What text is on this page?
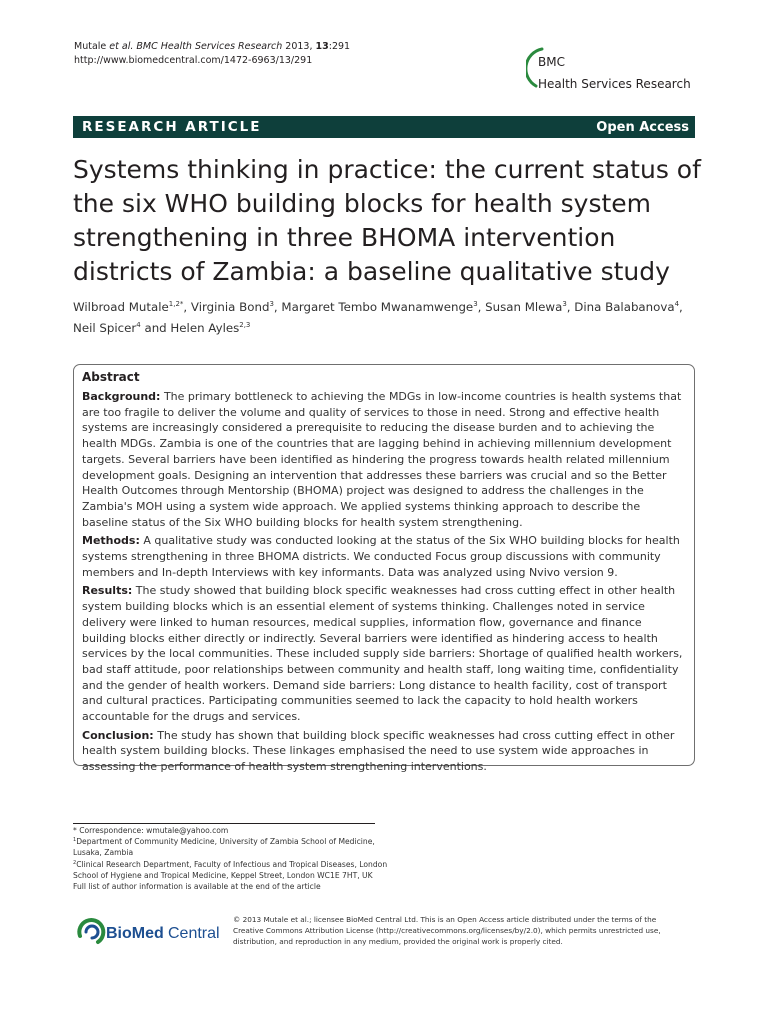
Mutale et al. BMC Health Services Research 2013, 13:291
http://www.biomedcentral.com/1472-6963/13/291	BMC
Health Services Research
RESEARCH ARTICLE	Open Access
Systems thinking in practice: the current status of the six WHO building blocks for health system strengthening in three BHOMA intervention districts of Zambia: a baseline qualitative study
Wilbroad Mutale$^{1,2*}$, Virginia Bond$^3$, Margaret Tembo Mwanamwenge$^3$, Susan Mlewa$^3$, Dina Balabanova$^4$,
Neil Spicer$^4$ and Helen Ayles$^{2,3}$
Abstract

Background: The primary bottleneck to achieving the MDGs in low-income countries is health systems that are too fragile to deliver the volume and quality of services to those in need. Strong and effective health systems are increasingly considered a prerequisite to reducing the disease burden and to achieving the health MDGs. Zambia is one of the countries that are lagging behind in achieving millennium development targets. Several barriers have been identified as hindering the progress towards health related millennium development goals. Designing an intervention that addresses these barriers was crucial and so the Better Health Outcomes through Mentorship (BHOMA) project was designed to address the challenges in the Zambia's MOH using a system wide approach. We applied systems thinking approach to describe the baseline status of the Six WHO building blocks for health system strengthening.

Methods: A qualitative study was conducted looking at the status of the Six WHO building blocks for health systems strengthening in three BHOMA districts. We conducted Focus group discussions with community members and In-depth Interviews with key informants. Data was analyzed using Nvivo version 9.

Results: The study showed that building block specific weaknesses had cross cutting effect in other health system building blocks which is an essential element of systems thinking. Challenges noted in service delivery were linked to human resources, medical supplies, information flow, governance and finance building blocks either directly or indirectly. Several barriers were identified as hindering access to health services by the local communities. These included supply side barriers: Shortage of qualified health workers, bad staff attitude, poor relationships between community and health staff, long waiting time, confidentiality and the gender of health workers. Demand side barriers: Long distance to health facility, cost of transport and cultural practices. Participating communities seemed to lack the capacity to hold health workers accountable for the drugs and services.

Conclusion: The study has shown that building block specific weaknesses had cross cutting effect in other health system building blocks. These linkages emphasised the need to use system wide approaches in assessing the performance of health system strengthening interventions.

* Correspondence: wmutale@yahoo.com
$^1$Department of Community Medicine, University of Zambia School of Medicine, Lusaka, Zambia
$^2$Clinical Research Department, Faculty of Infectious and Tropical Diseases, London School of Hygiene and Tropical Medicine, Keppel Street, London WC1E 7HT, UK
Full list of author information is available at the end of the article
BioMed Central
© 2013 Mutale et al.; licensee BioMed Central Ltd. This is an Open Access article distributed under the terms of the Creative Commons Attribution License (http://creativecommons.org/licenses/by/2.0), which permits unrestricted use, distribution, and reproduction in any medium, provided the original work is properly cited.
